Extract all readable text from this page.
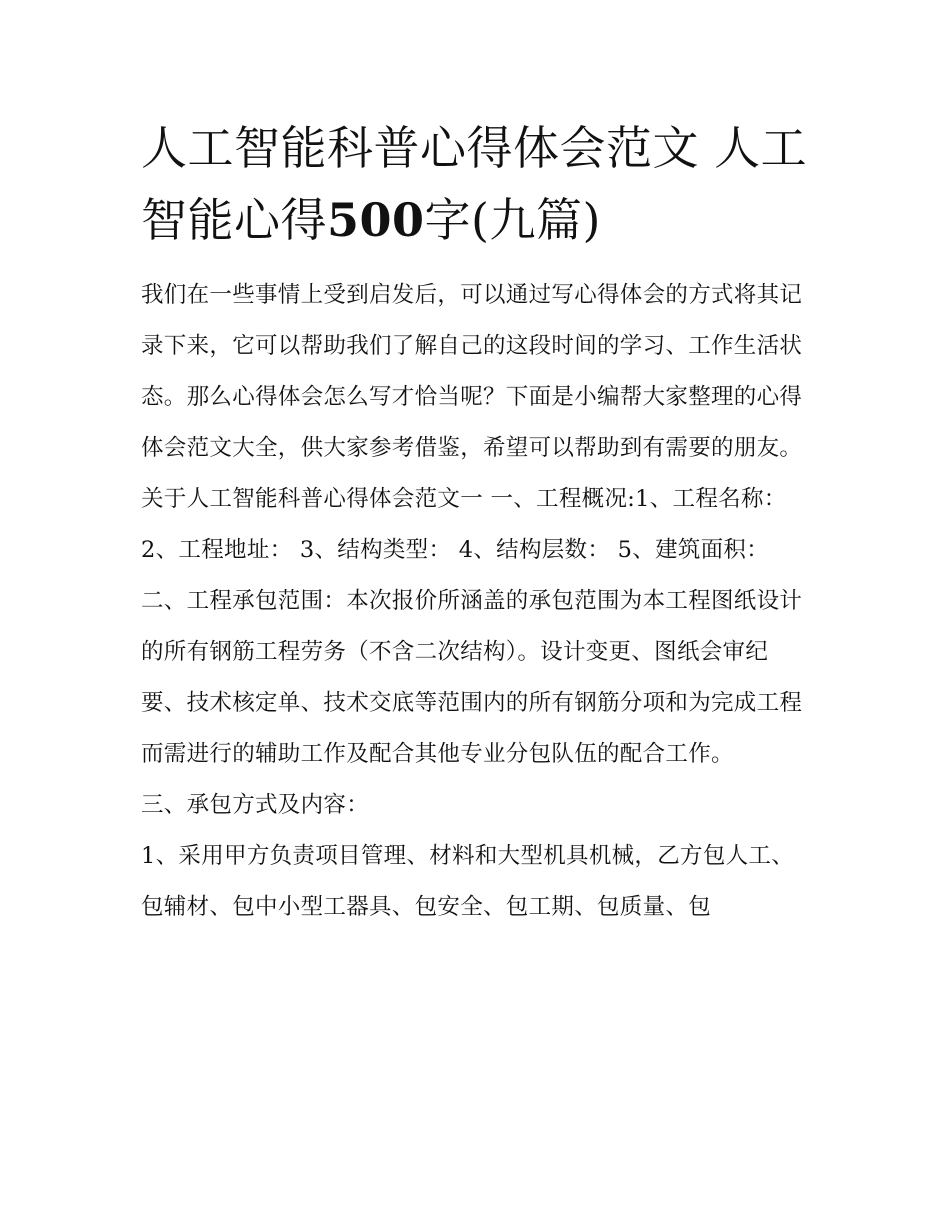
人工智能科普心得体会范文 人工智能心得500字(九篇)

我们在一些事情上受到启发后，可以通过写心得体会的方式将其记录下来，它可以帮助我们了解自己的这段时间的学习、工作生活状态。那么心得体会怎么写才恰当呢？下面是小编帮大家整理的心得体会范文大全，供大家参考借鉴，希望可以帮助到有需要的朋友。

关于人工智能科普心得体会范文一 一、工程概况:1、工程名称： 2、工程地址： 3、结构类型： 4、结构层数： 5、建筑面积：

二、工程承包范围：本次报价所涵盖的承包范围为本工程图纸设计的所有钢筋工程劳务（不含二次结构）。设计变更、图纸会审纪要、技术核定单、技术交底等范围内的所有钢筋分项和为完成工程而需进行的辅助工作及配合其他专业分包队伍的配合工作。

三、承包方式及内容：

1、采用甲方负责项目管理、材料和大型机具机械，乙方包人工、包辅材、包中小型工器具、包安全、包工期、包质量、包
